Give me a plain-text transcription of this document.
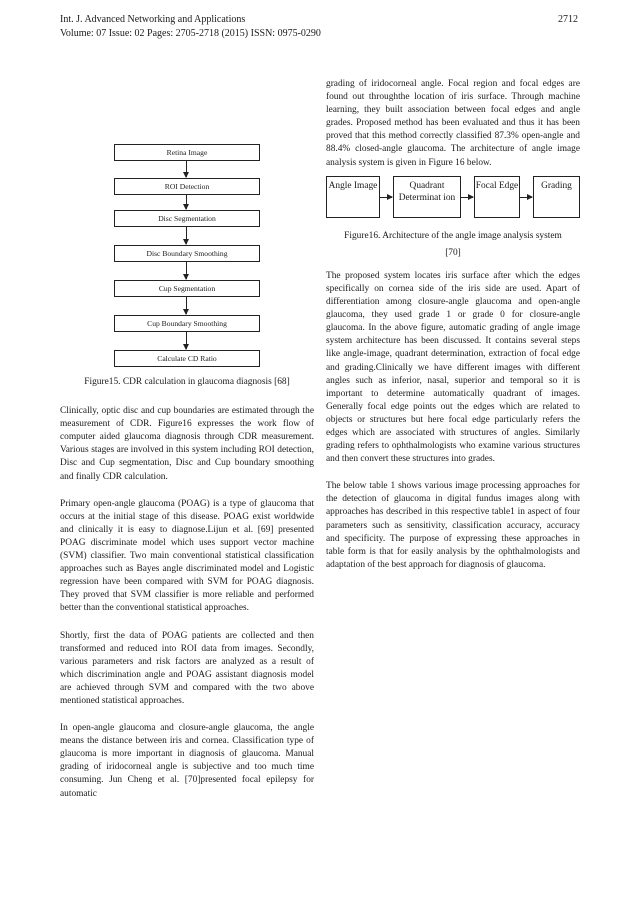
Int. J. Advanced Networking and Applications
Volume: 07 Issue: 02 Pages: 2705-2718 (2015) ISSN: 0975-0290
2712
Retina Image
ROI Detection
Disc Segmentation
Disc Boundary Smoothing
Cup Segmentation
Cup Boundary Smoothing
Calculate CD Ratio

Figure15. CDR calculation in glaucoma diagnosis [68]

Clinically, optic disc and cup boundaries are estimated through the measurement of CDR. Figure16 expresses the work flow of computer aided glaucoma diagnosis through CDR measurement. Various stages are involved in this system including ROI detection, Disc and Cup segmentation, Disc and Cup boundary smoothing and finally CDR calculation.

Primary open-angle glaucoma (POAG) is a type of glaucoma that occurs at the initial stage of this disease. POAG exist worldwide and clinically it is easy to diagnose.Lijun et al. [69] presented POAG discriminate model which uses support vector machine (SVM) classifier. Two main conventional statistical classification approaches such as Bayes angle discriminated model and Logistic regression have been compared with SVM for POAG diagnosis. They proved that SVM classifier is more reliable and performed better than the conventional statistical approaches.

Shortly, first the data of POAG patients are collected and then transformed and reduced into ROI data from images. Secondly, various parameters and risk factors are analyzed as a result of which discrimination angle and POAG assistant diagnosis model are achieved through SVM and compared with the two above mentioned statistical approaches.

In open-angle glaucoma and closure-angle glaucoma, the angle means the distance between iris and cornea. Classification type of glaucoma is more important in diagnosis of glaucoma. Manual grading of iridocorneal angle is subjective and too much time consuming. Jun Cheng et al. [70]presented focal epilepsy for automatic

grading of iridocorneal angle. Focal region and focal edges are found out throughthe location of iris surface. Through machine learning, they built association between focal edges and angle grades. Proposed method has been evaluated and thus it has been proved that this method correctly classified 87.3% open-angle and 88.4% closed-angle glaucoma. The architecture of angle image analysis system is given in Figure 16 below.

Angle Image	Quadrant Determinat ion
Focal Edge	Grading

Figure16. Architecture of the angle image analysis system

[70]

The proposed system locates iris surface after which the edges specifically on cornea side of the iris side are used. Apart of differentiation among closure-angle glaucoma and open-angle glaucoma, they used grade 1 or grade 0 for closure-angle glaucoma. In the above figure, automatic grading of angle image system architecture has been discussed. It contains several steps like angle-image, quadrant determination, extraction of focal edge and grading.Clinically we have different images with different angles such as inferior, nasal, superior and temporal so it is important to determine automatically quadrant of images. Generally focal edge points out the edges which are related to objects or structures but here focal edge particularly refers the edges which are associated with structures of angles. Similarly grading refers to ophthalmologists who examine various structures and then convert these structures into grades.

The below table 1 shows various image processing approaches for the detection of glaucoma in digital fundus images along with approaches has described in this respective table1 in aspect of four parameters such as sensitivity, classification accuracy, accuracy and specificity. The purpose of expressing these approaches in table form is that for easily analysis by the ophthalmologists and adaptation of the best approach for diagnosis of glaucoma.
